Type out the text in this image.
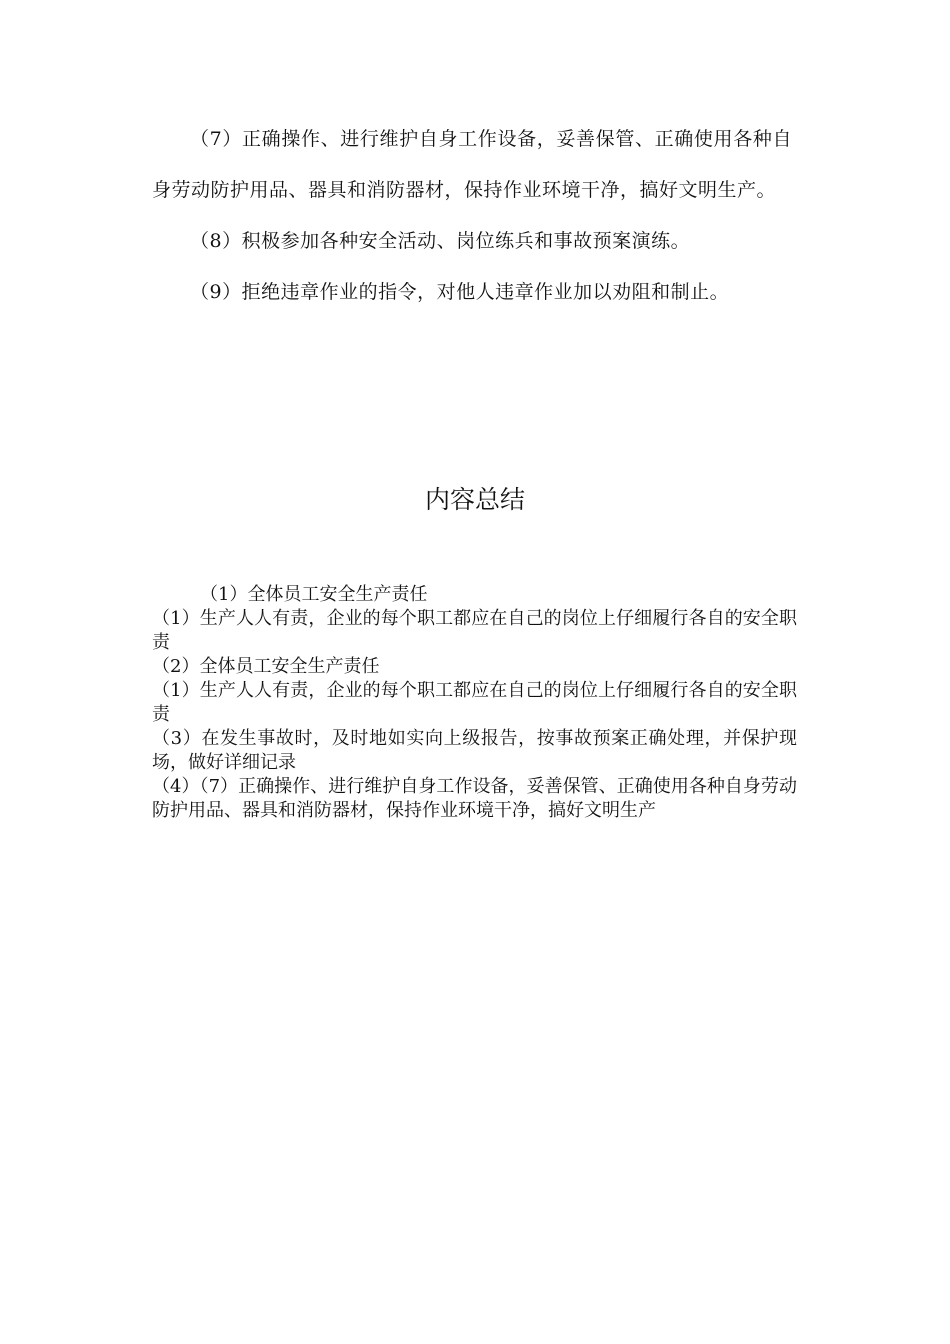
（7）正确操作、进行维护自身工作设备，妥善保管、正确使用各种自身劳动防护用品、器具和消防器材，保持作业环境干净，搞好文明生产。

（8）积极参加各种安全活动、岗位练兵和事故预案演练。

（9）拒绝违章作业的指令，对他人违章作业加以劝阻和制止。

内容总结

（1）全体员工安全生产责任

（1）生产人人有责，企业的每个职工都应在自己的岗位上仔细履行各自的安全职责

（2）全体员工安全生产责任

（1）生产人人有责，企业的每个职工都应在自己的岗位上仔细履行各自的安全职责

（3）在发生事故时，及时地如实向上级报告，按事故预案正确处理，并保护现场，做好详细记录

（4）（7）正确操作、进行维护自身工作设备，妥善保管、正确使用各种自身劳动防护用品、器具和消防器材，保持作业环境干净，搞好文明生产
